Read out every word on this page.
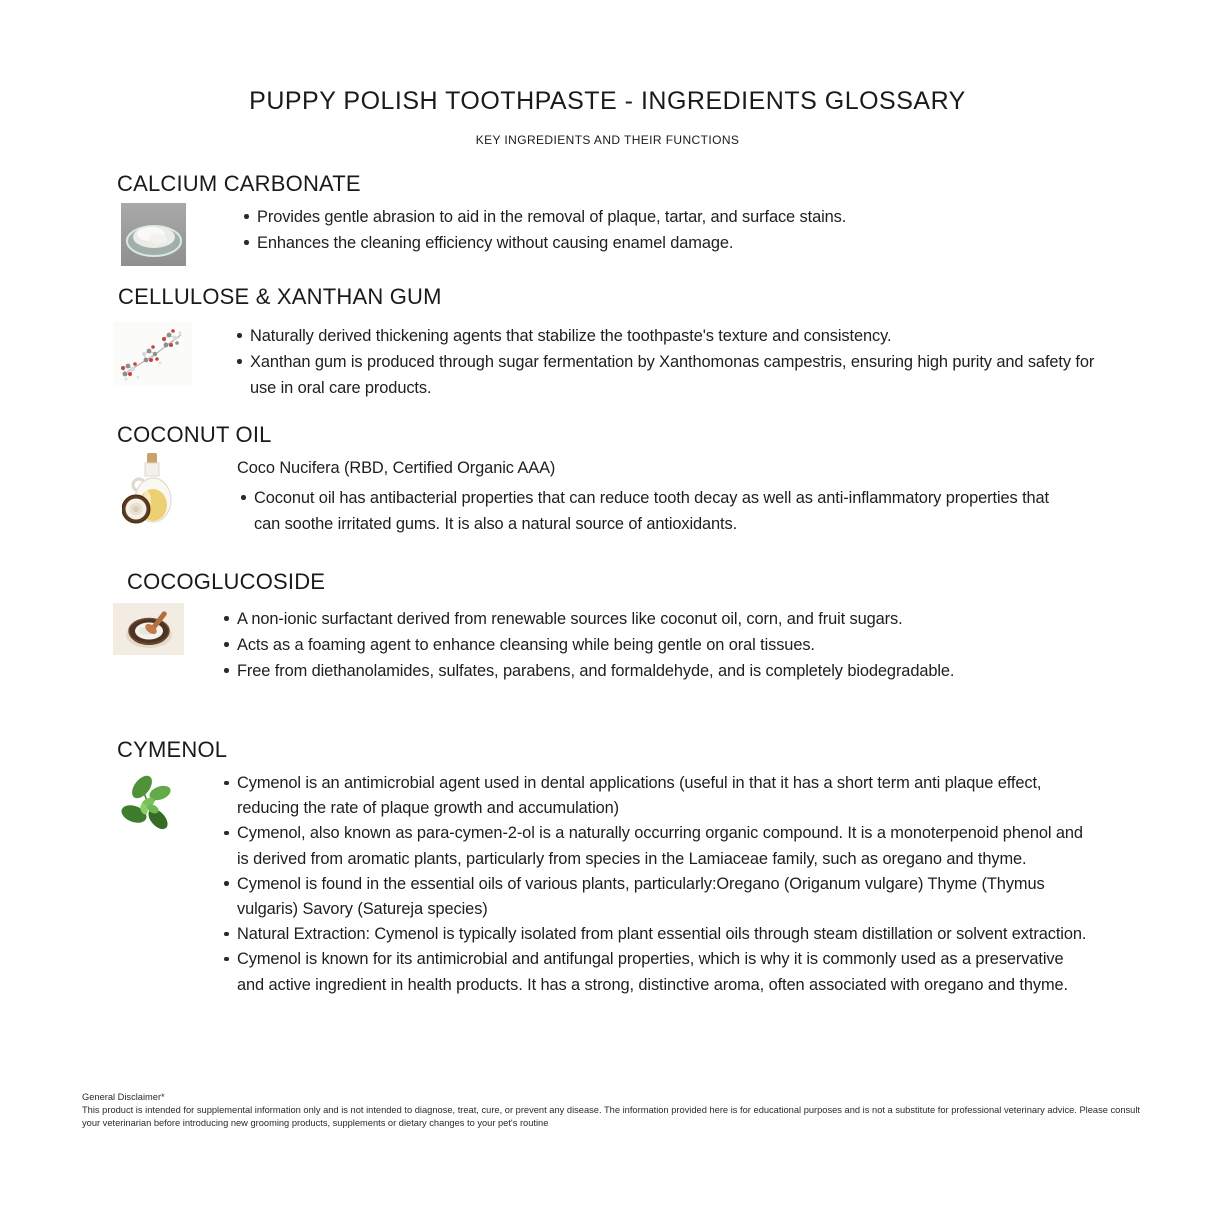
PUPPY POLISH TOOTHPASTE - INGREDIENTS GLOSSARY
KEY INGREDIENTS AND THEIR FUNCTIONS
CALCIUM CARBONATE
Provides gentle abrasion to aid in the removal of plaque, tartar, and surface stains.
Enhances the cleaning efficiency without causing enamel damage.
CELLULOSE & XANTHAN GUM
Naturally derived thickening agents that stabilize the toothpaste's texture and consistency.
Xanthan gum is produced through sugar fermentation by Xanthomonas campestris, ensuring high purity and safety for use in oral care products.
COCONUT OIL

Coco Nucifera (RBD, Certified Organic AAA)

Coconut oil has antibacterial properties that can reduce tooth decay as well as anti-inflammatory properties that can soothe irritated gums. It is also a natural source of antioxidants.
COCOGLUCOSIDE
A non-ionic surfactant derived from renewable sources like coconut oil, corn, and fruit sugars.
Acts as a foaming agent to enhance cleansing while being gentle on oral tissues.
Free from diethanolamides, sulfates, parabens, and formaldehyde, and is completely biodegradable.
CYMENOL
Cymenol is an antimicrobial agent used in dental applications (useful in that it has a short term anti plaque effect, reducing the rate of plaque growth and accumulation)
Cymenol, also known as para-cymen-2-ol is a naturally occurring organic compound. It is a monoterpenoid phenol and is derived from aromatic plants, particularly from species in the Lamiaceae family, such as oregano and thyme.
Cymenol is found in the essential oils of various plants, particularly:Oregano (Origanum vulgare) Thyme (Thymus vulgaris) Savory (Satureja species)
Natural Extraction: Cymenol is typically isolated from plant essential oils through steam distillation or solvent extraction.
Cymenol is known for its antimicrobial and antifungal properties, which is why it is commonly used as a preservative and active ingredient in health products. It has a strong, distinctive aroma, often associated with oregano and thyme.
General Disclaimer*
This product is intended for supplemental information only and is not intended to diagnose, treat, cure, or prevent any disease. The information provided here is for educational purposes and is not a substitute for professional veterinary advice. Please consult your veterinarian before introducing new grooming products, supplements or dietary changes to your pet's routine
